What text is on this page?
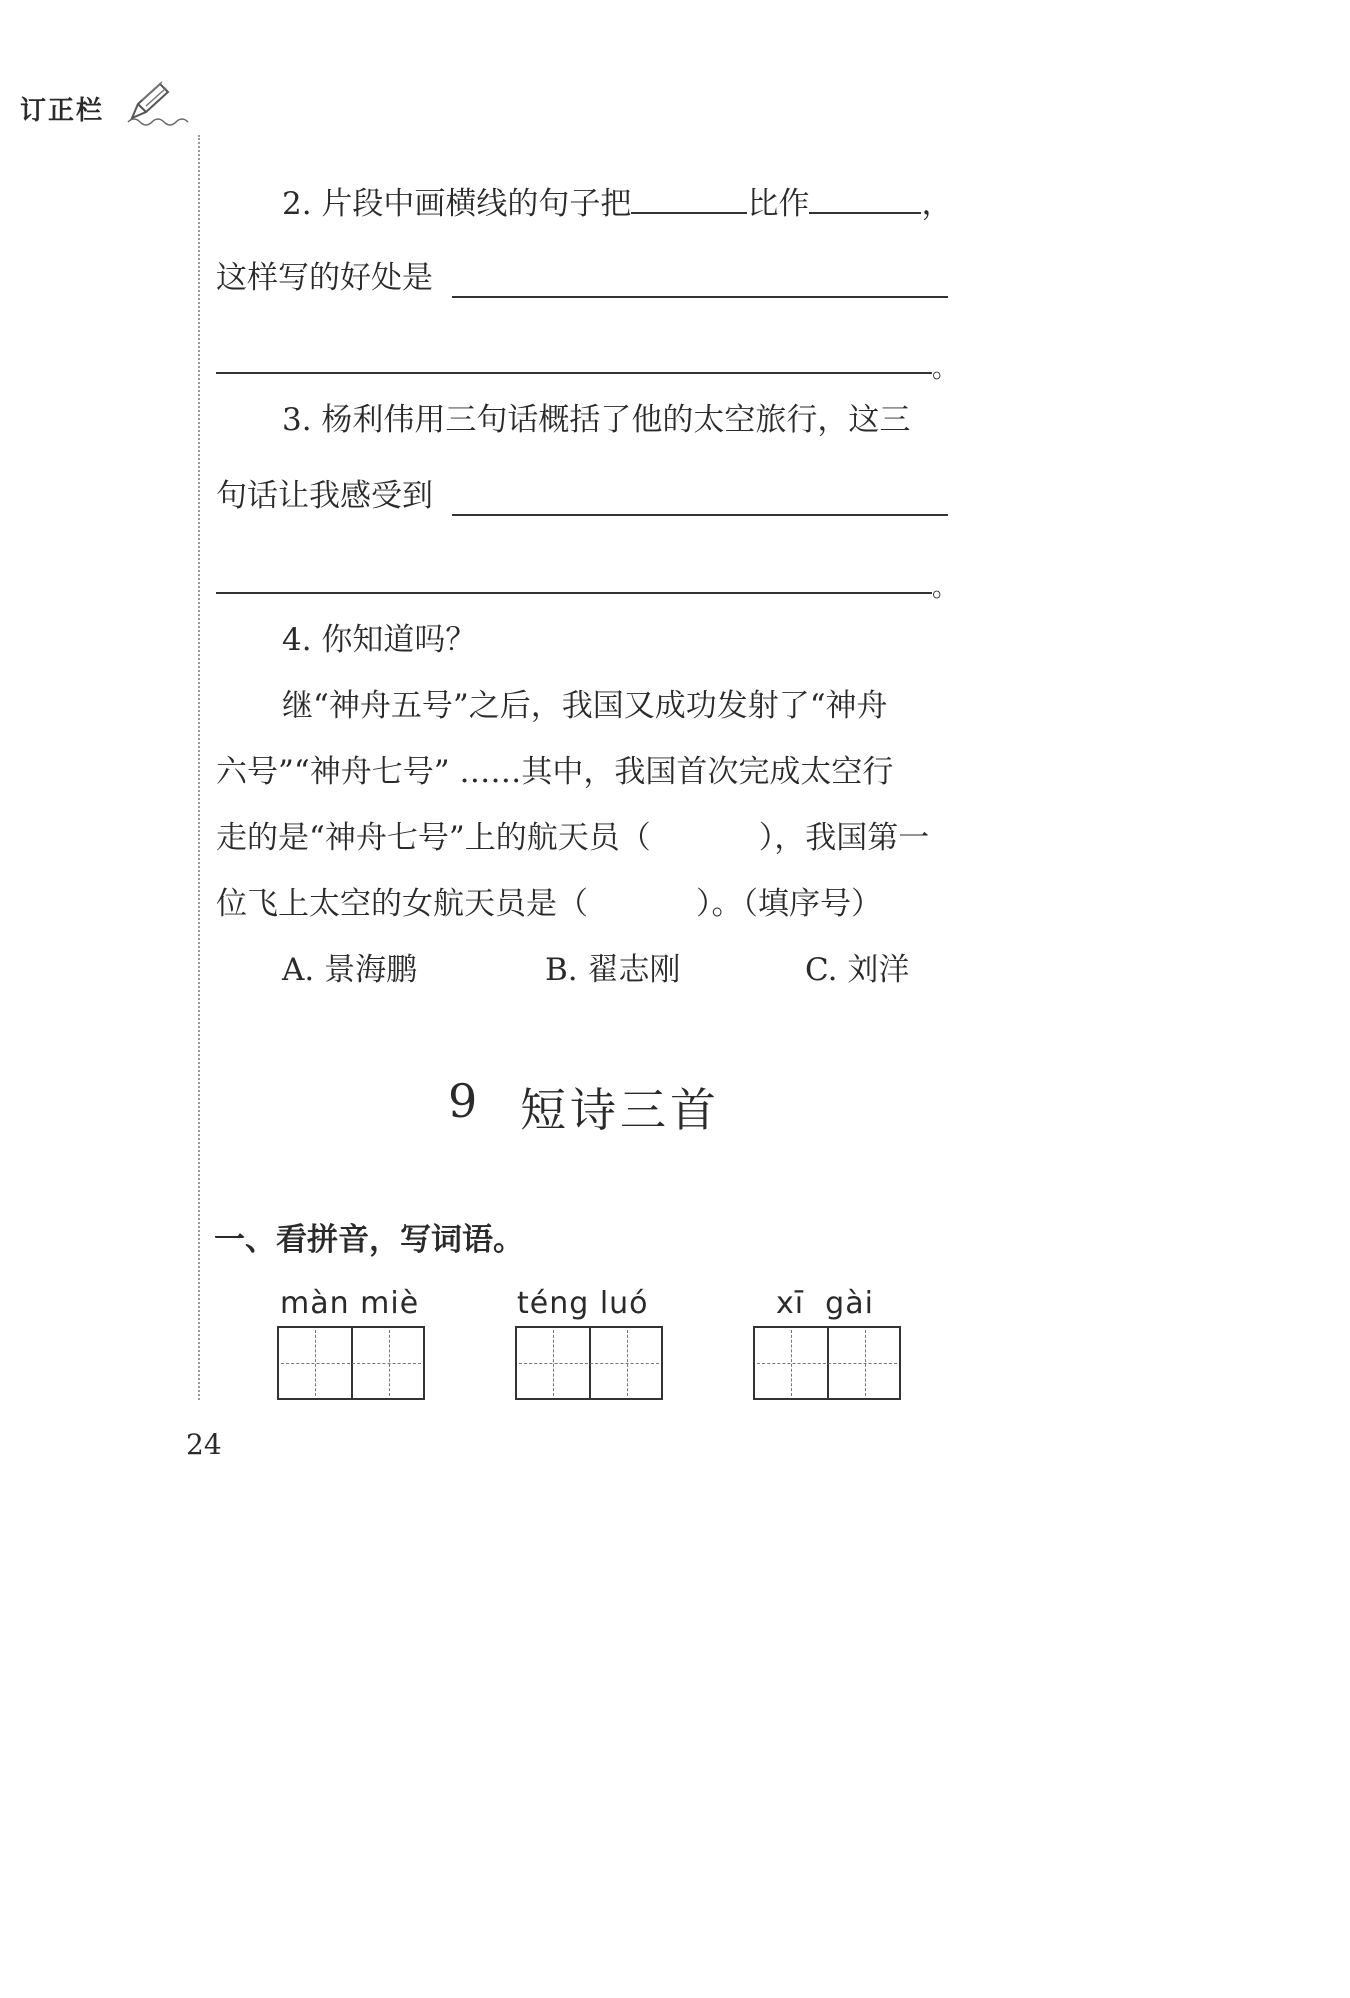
订正栏
2. 片段中画横线的句子把	比作	，
这样写的好处是
。
3. 杨利伟用三句话概括了他的太空旅行，这三
句话让我感受到
。
4. 你知道吗？
继“神舟五号”之后，我国又成功发射了“神舟
六号”“神舟七号” ……其中，我国首次完成太空行
走的是“神舟七号”上的航天员（	），我国第一
位飞上太空的女航天员是（	）。（填序号）
A. 景海鹏	B. 翟志刚	C. 刘洋
9 短诗三首
一、看拼音，写词语。
màn miè	téng luó	xī  gài
24
